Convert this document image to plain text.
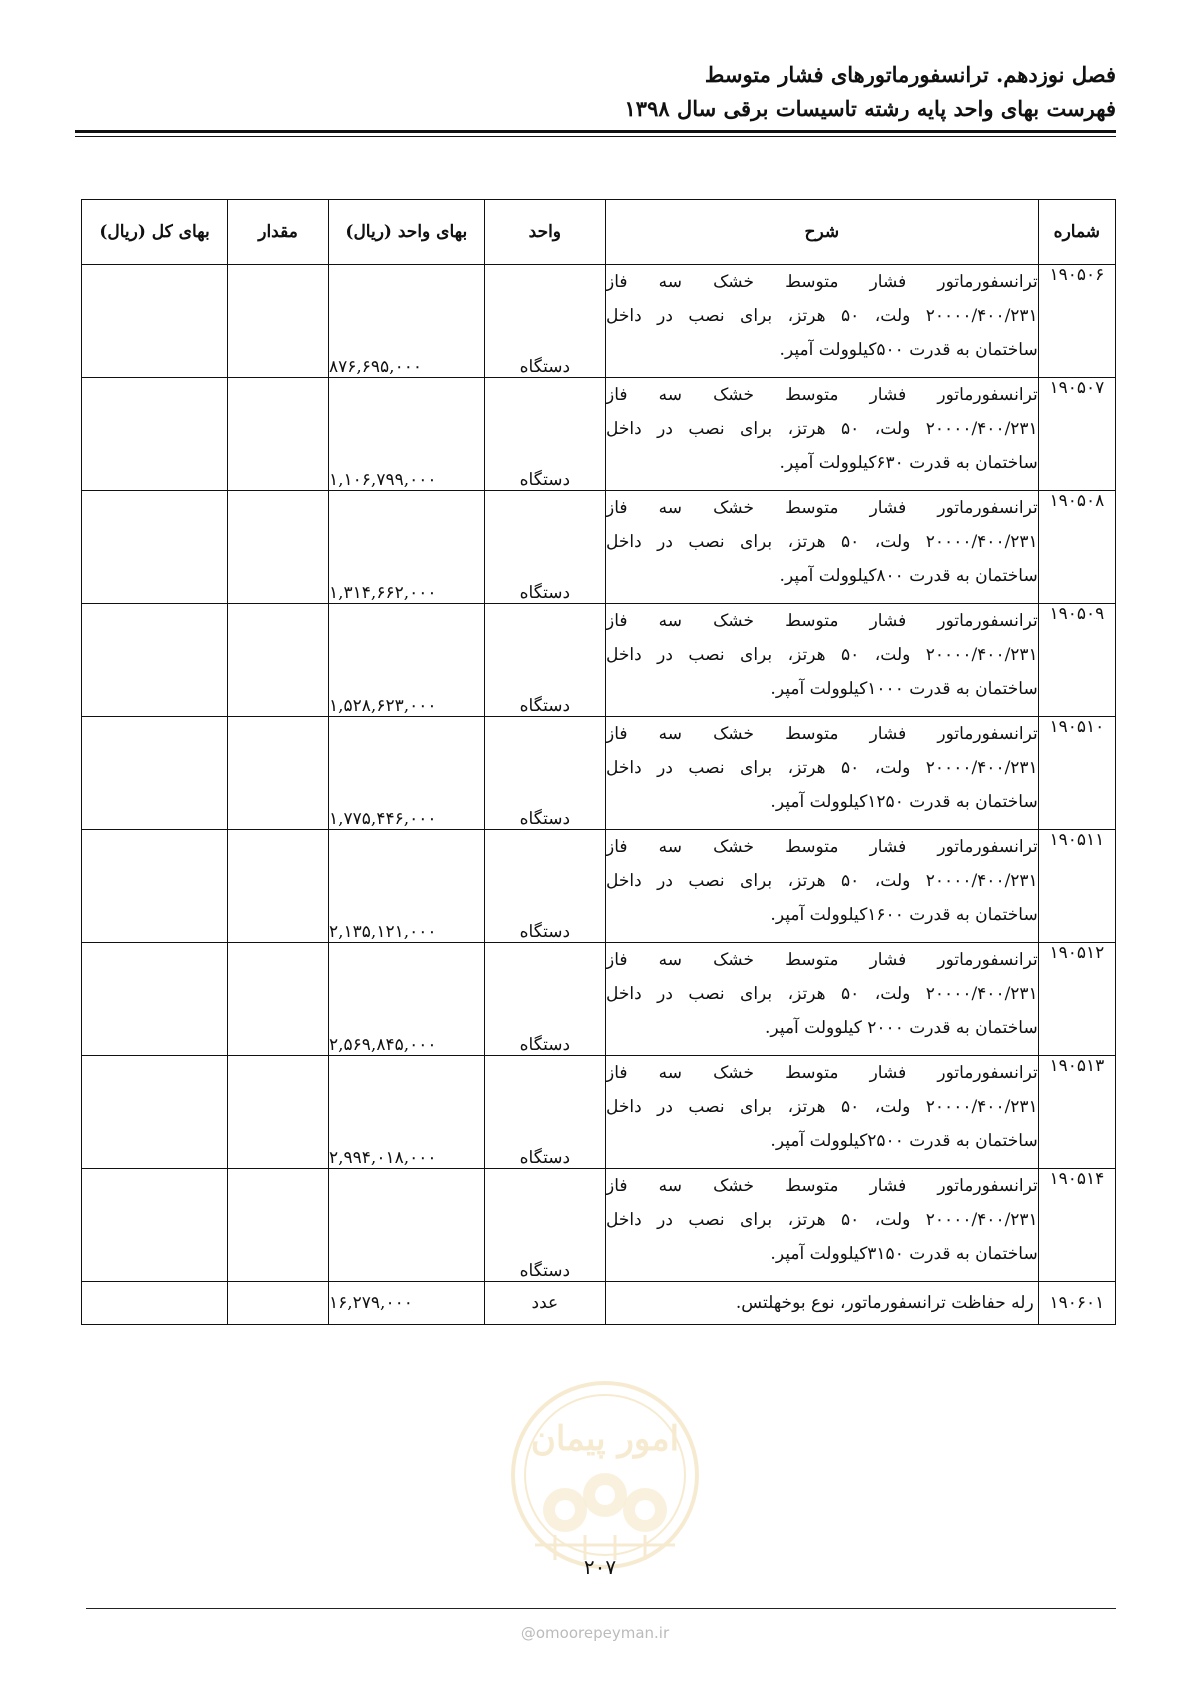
فصل نوزدهم. ترانسفورماتورهای فشار متوسط
فهرست بهای واحد پایه رشته تاسیسات برقی سال ۱۳۹۸
شماره	شرح	واحد	بهای واحد (ریال)	مقدار	بهای کل (ریال)
۱۹۰۵۰۶	ترانسفورماتور فشار متوسط خشک سه فاز
۲۰۰۰۰/۴۰۰/۲۳۱ ولت، ۵۰ هرتز، برای نصب در داخل
ساختمان به قدرت ۵۰۰کیلوولت آمپر.	دستگاه	۸۷۶,۶۹۵,۰۰۰		
۱۹۰۵۰۷	ترانسفورماتور فشار متوسط خشک سه فاز
۲۰۰۰۰/۴۰۰/۲۳۱ ولت، ۵۰ هرتز، برای نصب در داخل
ساختمان به قدرت ۶۳۰کیلوولت آمپر.	دستگاه	۱,۱۰۶,۷۹۹,۰۰۰		
۱۹۰۵۰۸	ترانسفورماتور فشار متوسط خشک سه فاز
۲۰۰۰۰/۴۰۰/۲۳۱ ولت، ۵۰ هرتز، برای نصب در داخل
ساختمان به قدرت ۸۰۰کیلوولت آمپر.	دستگاه	۱,۳۱۴,۶۶۲,۰۰۰		
۱۹۰۵۰۹	ترانسفورماتور فشار متوسط خشک سه فاز
۲۰۰۰۰/۴۰۰/۲۳۱ ولت، ۵۰ هرتز، برای نصب در داخل
ساختمان به قدرت ۱۰۰۰کیلوولت آمپر.	دستگاه	۱,۵۲۸,۶۲۳,۰۰۰		
۱۹۰۵۱۰	ترانسفورماتور فشار متوسط خشک سه فاز
۲۰۰۰۰/۴۰۰/۲۳۱ ولت، ۵۰ هرتز، برای نصب در داخل
ساختمان به قدرت ۱۲۵۰کیلوولت آمپر.	دستگاه	۱,۷۷۵,۴۴۶,۰۰۰		
۱۹۰۵۱۱	ترانسفورماتور فشار متوسط خشک سه فاز
۲۰۰۰۰/۴۰۰/۲۳۱ ولت، ۵۰ هرتز، برای نصب در داخل
ساختمان به قدرت ۱۶۰۰کیلوولت آمپر.	دستگاه	۲,۱۳۵,۱۲۱,۰۰۰		
۱۹۰۵۱۲	ترانسفورماتور فشار متوسط خشک سه فاز
۲۰۰۰۰/۴۰۰/۲۳۱ ولت، ۵۰ هرتز، برای نصب در داخل
ساختمان به قدرت ۲۰۰۰ کیلوولت آمپر.	دستگاه	۲,۵۶۹,۸۴۵,۰۰۰		
۱۹۰۵۱۳	ترانسفورماتور فشار متوسط خشک سه فاز
۲۰۰۰۰/۴۰۰/۲۳۱ ولت، ۵۰ هرتز، برای نصب در داخل
ساختمان به قدرت ۲۵۰۰کیلوولت آمپر.	دستگاه	۲,۹۹۴,۰۱۸,۰۰۰		
۱۹۰۵۱۴	ترانسفورماتور فشار متوسط خشک سه فاز
۲۰۰۰۰/۴۰۰/۲۳۱ ولت، ۵۰ هرتز، برای نصب در داخل
ساختمان به قدرت ۳۱۵۰کیلوولت آمپر.	دستگاه			
۱۹۰۶۰۱	رله حفاظت ترانسفورماتور، نوع بوخهلتس.	عدد	۱۶,۲۷۹,۰۰۰		
امور پیمان
۲۰۷
@omoorepeyman.ir
